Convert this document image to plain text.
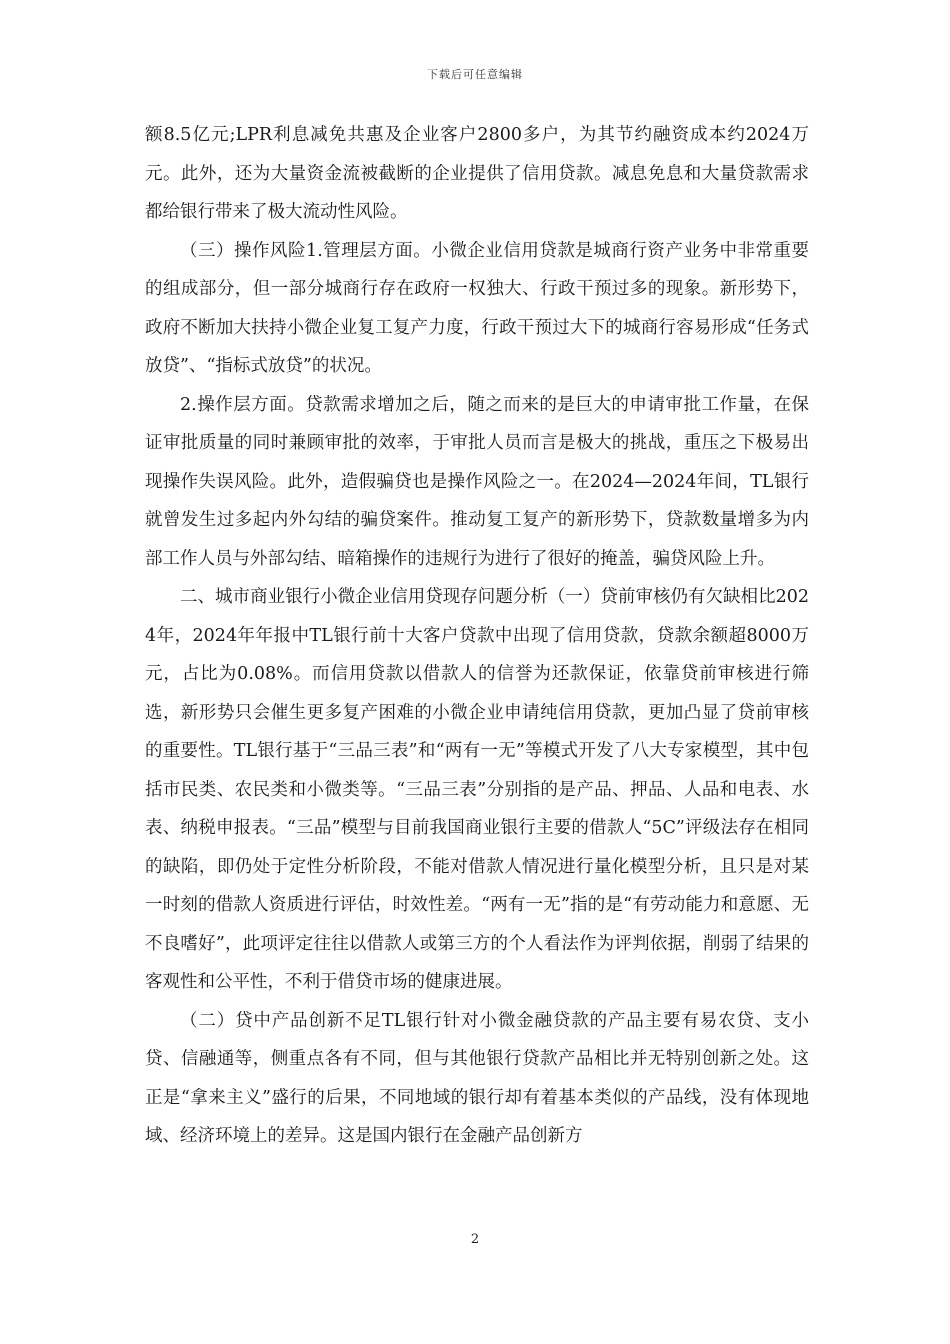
下载后可任意编辑

额8.5亿元;LPR利息减免共惠及企业客户2800多户，为其节约融资成本约2024万元。此外，还为大量资金流被截断的企业提供了信用贷款。减息免息和大量贷款需求都给银行带来了极大流动性风险。

（三）操作风险1.管理层方面。小微企业信用贷款是城商行资产业务中非常重要的组成部分，但一部分城商行存在政府一权独大、行政干预过多的现象。新形势下，政府不断加大扶持小微企业复工复产力度，行政干预过大下的城商行容易形成“任务式放贷”、“指标式放贷”的状况。

2.操作层方面。贷款需求增加之后，随之而来的是巨大的申请审批工作量，在保证审批质量的同时兼顾审批的效率，于审批人员而言是极大的挑战，重压之下极易出现操作失误风险。此外，造假骗贷也是操作风险之一。在2024—2024年间，TL银行就曾发生过多起内外勾结的骗贷案件。推动复工复产的新形势下，贷款数量增多为内部工作人员与外部勾结、暗箱操作的违规行为进行了很好的掩盖，骗贷风险上升。

二、城市商业银行小微企业信用贷现存问题分析（一）贷前审核仍有欠缺相比2024年，2024年年报中TL银行前十大客户贷款中出现了信用贷款，贷款余额超8000万元，占比为0.08%。而信用贷款以借款人的信誉为还款保证，依靠贷前审核进行筛选，新形势只会催生更多复产困难的小微企业申请纯信用贷款，更加凸显了贷前审核的重要性。TL银行基于“三品三表”和“两有一无”等模式开发了八大专家模型，其中包括市民类、农民类和小微类等。“三品三表”分别指的是产品、押品、人品和电表、水表、纳税申报表。“三品”模型与目前我国商业银行主要的借款人“5C”评级法存在相同的缺陷，即仍处于定性分析阶段，不能对借款人情况进行量化模型分析，且只是对某一时刻的借款人资质进行评估，时效性差。“两有一无”指的是“有劳动能力和意愿、无不良嗜好”，此项评定往往以借款人或第三方的个人看法作为评判依据，削弱了结果的客观性和公平性，不利于借贷市场的健康进展。

（二）贷中产品创新不足TL银行针对小微金融贷款的产品主要有易农贷、支小贷、信融通等，侧重点各有不同，但与其他银行贷款产品相比并无特别创新之处。这正是“拿来主义”盛行的后果，不同地域的银行却有着基本类似的产品线，没有体现地域、经济环境上的差异。这是国内银行在金融产品创新方

2
